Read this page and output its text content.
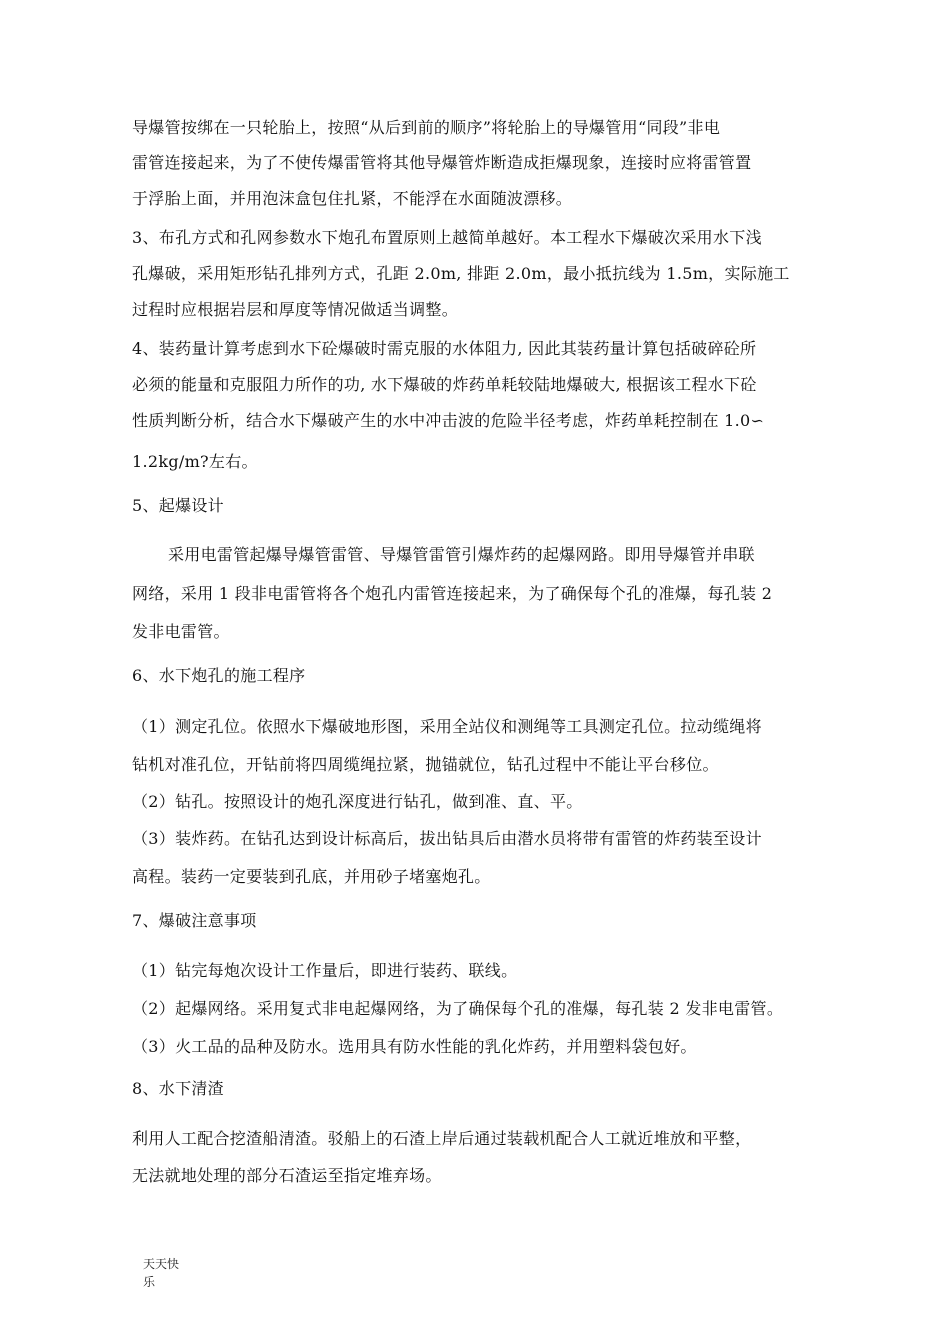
导爆管按绑在一只轮胎上，按照“从后到前的顺序”将轮胎上的导爆管用“同段”非电
雷管连接起来，为了不使传爆雷管将其他导爆管炸断造成拒爆现象，连接时应将雷管置
于浮胎上面，并用泡沫盒包住扎紧，不能浮在水面随波漂移。
3、布孔方式和孔网参数水下炮孔布置原则上越简单越好。本工程水下爆破次采用水下浅
孔爆破，采用矩形钻孔排列方式，孔距 2.0m, 排距 2.0m，最小抵抗线为 1.5m，实际施工
过程时应根据岩层和厚度等情况做适当调整。
4、装药量计算考虑到水下砼爆破时需克服的水体阻力, 因此其装药量计算包括破碎砼所
必须的能量和克服阻力所作的功, 水下爆破的炸药单耗较陆地爆破大, 根据该工程水下砼
性质判断分析，结合水下爆破产生的水中冲击波的危险半径考虑，炸药单耗控制在 1.0∽
1.2kg/m?左右。
5、起爆设计
采用电雷管起爆导爆管雷管、导爆管雷管引爆炸药的起爆网路。即用导爆管并串联
网络，采用 1 段非电雷管将各个炮孔内雷管连接起来，为了确保每个孔的准爆，每孔装 2
发非电雷管。
6、水下炮孔的施工程序
（1）测定孔位。依照水下爆破地形图，采用全站仪和测绳等工具测定孔位。拉动缆绳将
钻机对准孔位，开钻前将四周缆绳拉紧，抛锚就位，钻孔过程中不能让平台移位。
（2）钻孔。按照设计的炮孔深度进行钻孔，做到准、直、平。
（3）装炸药。在钻孔达到设计标高后，拔出钻具后由潜水员将带有雷管的炸药装至设计
高程。装药一定要装到孔底，并用砂子堵塞炮孔。
7、爆破注意事项
（1）钻完每炮次设计工作量后，即进行装药、联线。
（2）起爆网络。采用复式非电起爆网络，为了确保每个孔的准爆，每孔装 2 发非电雷管。
（3）火工品的品种及防水。选用具有防水性能的乳化炸药，并用塑料袋包好。
8、水下清渣
利用人工配合挖渣船清渣。驳船上的石渣上岸后通过装载机配合人工就近堆放和平整，
无法就地处理的部分石渣运至指定堆弃场。
天天快
乐
